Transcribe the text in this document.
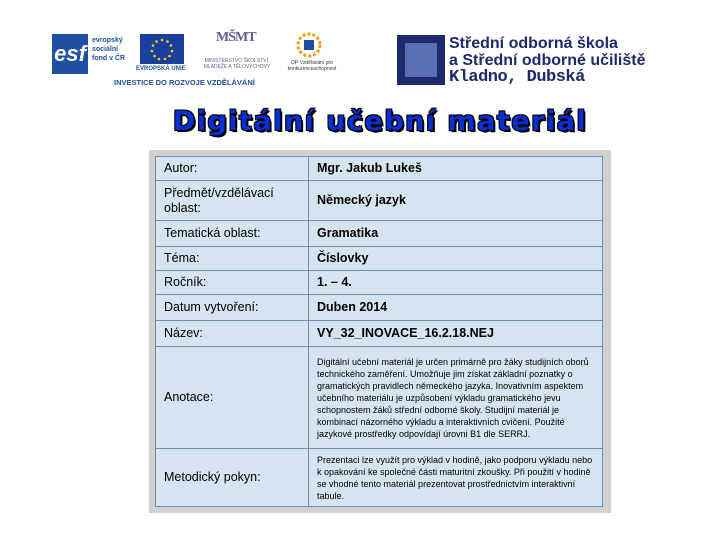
esf
evropský
sociální
fond v ČR
EVROPSKÁ UNIE
MŠMT
MINISTERSTVO ŠKOLSTVÍ, MLÁDEŽE A TĚLOVÝCHOVY
OP Vzdělávání pro konkurenceschopnost
INVESTICE DO ROZVOJE VZDĚLÁVÁNÍ
Střední odborná škola
a Střední odborné učiliště
Kladno, Dubská
Digitální učební materiál
Autor:	Mgr. Jakub Lukeš
Předmět/vzdělávací oblast:	Německý jazyk
Tematická oblast:	Gramatika
Téma:	Číslovky
Ročník:	1. – 4.
Datum vytvoření:	Duben 2014
Název:	VY_32_INOVACE_16.2.18.NEJ
Anotace:	Digitální učební materiál je určen primárně pro žáky studijních oborů technického zaměření. Umožňuje jim získat základní poznatky o gramatických pravidlech německého jazyka. Inovativním aspektem učebního materiálu je uzpůsobení výkladu gramatického jevu schopnostem žáků střední odborné školy. Studijní materiál je kombinací názorného výkladu a interaktivních cvičení. Použité jazykové prostředky odpovídají úrovni B1 dle SERRJ.
Metodický pokyn:	Prezentaci lze využít pro výklad v hodině, jako podporu výkladu nebo k opakování ke společné části maturitní zkoušky. Při použití v hodině se vhodné tento materiál prezentovat prostřednictvím interaktivní tabule.
